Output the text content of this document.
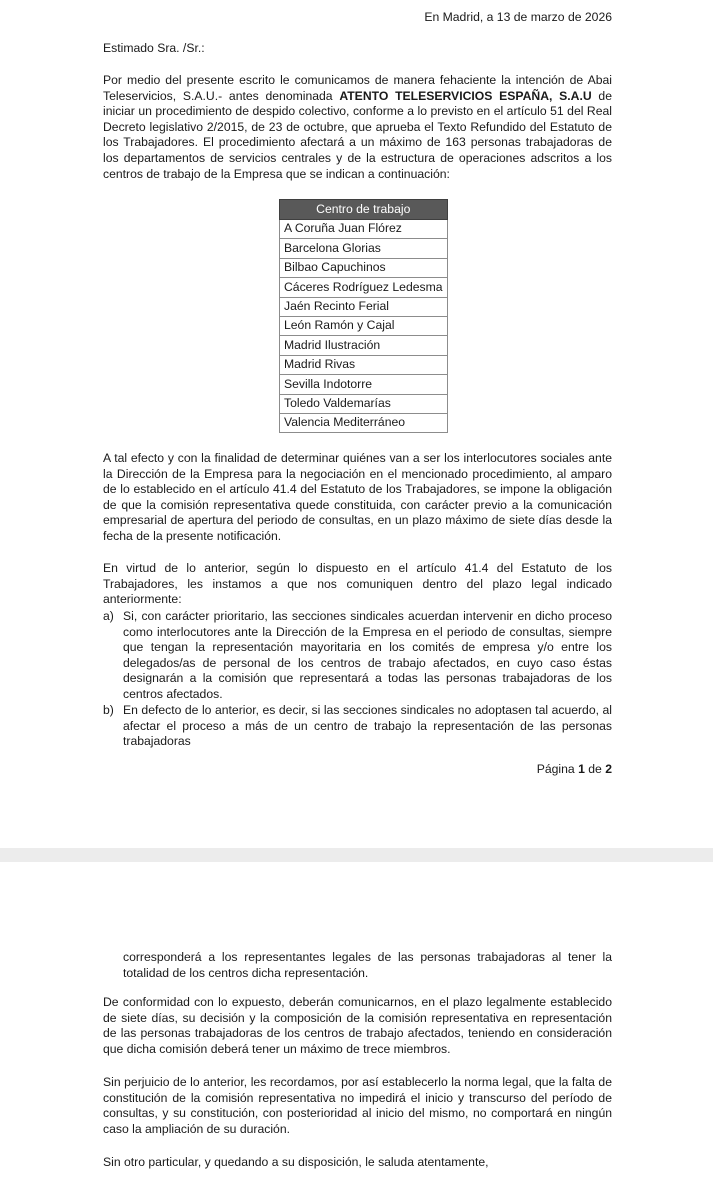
En Madrid, a 13 de marzo de 2026
Estimado Sra. /Sr.:

Por medio del presente escrito le comunicamos de manera fehaciente la intención de Abai Teleservicios, S.A.U.- antes denominada ATENTO TELESERVICIOS ESPAÑA, S.A.U de iniciar un procedimiento de despido colectivo, conforme a lo previsto en el artículo 51 del Real Decreto legislativo 2/2015, de 23 de octubre, que aprueba el Texto Refundido del Estatuto de los Trabajadores. El procedimiento afectará a un máximo de 163 personas trabajadoras de los departamentos de servicios centrales y de la estructura de operaciones adscritos a los centros de trabajo de la Empresa que se indican a continuación:

Centro de trabajo
A Coruña Juan Flórez
Barcelona Glorias
Bilbao Capuchinos
Cáceres Rodríguez Ledesma
Jaén Recinto Ferial
León Ramón y Cajal
Madrid Ilustración
Madrid Rivas
Sevilla Indotorre
Toledo Valdemarías
Valencia Mediterráneo

A tal efecto y con la finalidad de determinar quiénes van a ser los interlocutores sociales ante la Dirección de la Empresa para la negociación en el mencionado procedimiento, al amparo de lo establecido en el artículo 41.4 del Estatuto de los Trabajadores, se impone la obligación de que la comisión representativa quede constituida, con carácter previo a la comunicación empresarial de apertura del periodo de consultas, en un plazo máximo de siete días desde la fecha de la presente notificación.

En virtud de lo anterior, según lo dispuesto en el artículo 41.4 del Estatuto de los Trabajadores, les instamos a que nos comuniquen dentro del plazo legal indicado anteriormente:

a) Si, con carácter prioritario, las secciones sindicales acuerdan intervenir en dicho proceso como interlocutores ante la Dirección de la Empresa en el periodo de consultas, siempre que tengan la representación mayoritaria en los comités de empresa y/o entre los delegados/as de personal de los centros de trabajo afectados, en cuyo caso éstas designarán a la comisión que representará a todas las personas trabajadoras de los centros afectados.
b) En defecto de lo anterior, es decir, si las secciones sindicales no adoptasen tal acuerdo, al afectar el proceso a más de un centro de trabajo la representación de las personas trabajadoras
Página 1 de 2

corresponderá a los representantes legales de las personas trabajadoras al tener la totalidad de los centros dicha representación.

De conformidad con lo expuesto, deberán comunicarnos, en el plazo legalmente establecido de siete días, su decisión y la composición de la comisión representativa en representación de las personas trabajadoras de los centros de trabajo afectados, teniendo en consideración que dicha comisión deberá tener un máximo de trece miembros.

Sin perjuicio de lo anterior, les recordamos, por así establecerlo la norma legal, que la falta de constitución de la comisión representativa no impedirá el inicio y transcurso del período de consultas, y su constitución, con posterioridad al inicio del mismo, no comportará en ningún caso la ampliación de su duración.

Sin otro particular, y quedando a su disposición, le saluda atentamente,
